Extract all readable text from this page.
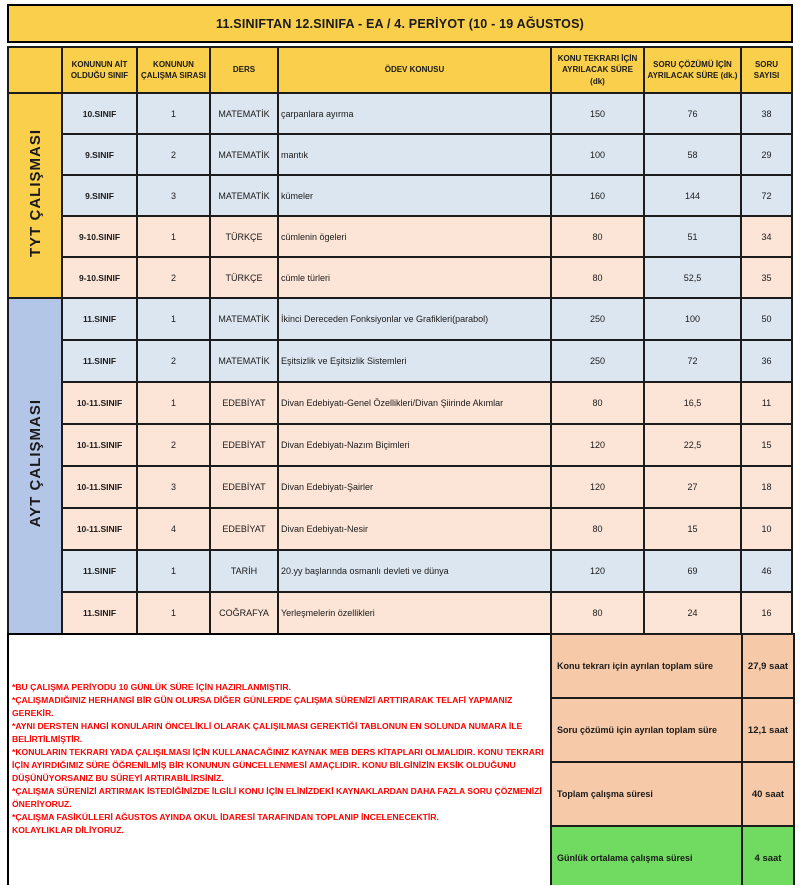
11.SINIFTAN 12.SINIFA - EA / 4. PERİYOT (10 - 19 AĞUSTOS)
	KONUNUN AİT OLDUĞU SINIF	KONUNUN ÇALIŞMA SIRASI	DERS	ÖDEV KONUSU	KONU TEKRARI İÇİN AYRILACAK SÜRE (dk)	SORU ÇÖZÜMÜ İÇİN AYRILACAK SÜRE (dk.)	SORU SAYISI
TYT ÇALIŞMASI	10.SINIF	1	MATEMATİK	çarpanlara ayırma	150	76	38
	9.SINIF	2	MATEMATİK	mantık	100	58	29
	9.SINIF	3	MATEMATİK	kümeler	160	144	72
	9-10.SINIF	1	TÜRKÇE	cümlenin ögeleri	80	51	34
	9-10.SINIF	2	TÜRKÇE	cümle türleri	80	52,5	35
AYT ÇALIŞMASI	11.SINIF	1	MATEMATİK	İkinci Dereceden Fonksiyonlar ve Grafikleri(parabol)	250	100	50
	11.SINIF	2	MATEMATİK	Eşitsizlik ve Eşitsizlik Sistemleri	250	72	36
	10-11.SINIF	1	EDEBİYAT	Divan Edebiyatı-Genel Özellikleri/Divan Şiirinde Akımlar	80	16,5	11
	10-11.SINIF	2	EDEBİYAT	Divan Edebiyatı-Nazım Biçimleri	120	22,5	15
	10-11.SINIF	3	EDEBİYAT	Divan Edebiyatı-Şairler	120	27	18
	10-11.SINIF	4	EDEBİYAT	Divan Edebiyatı-Nesir	80	15	10
	11.SINIF	1	TARİH	20.yy başlarında osmanlı devleti ve dünya	120	69	46
	11.SINIF	1	COĞRAFYA	Yerleşmelerin özellikleri	80	24	16
*BU ÇALIŞMA PERİYODU 10 GÜNLÜK SÜRE İÇİN HAZIRLANMIŞTIR.
*ÇALIŞMADIĞINIZ HERHANGİ BİR GÜN OLURSA DİĞER GÜNLERDE ÇALIŞMA SÜRENİZİ ARTTIRARAK TELAFİ YAPMANIZ GEREKİR.
*AYNI DERSTEN HANGİ KONULARIN ÖNCELİKLİ OLARAK ÇALIŞILMASI GEREKTİĞİ TABLONUN EN SOLUNDA NUMARA İLE BELİRTİLMİŞTİR.
*KONULARIN TEKRARI YADA ÇALIŞILMASI İÇİN KULLANACAĞINIZ KAYNAK MEB DERS KİTAPLARI OLMALIDIR. KONU TEKRARI İÇİN AYIRDIĞIMIZ SÜRE ÖĞRENİLMİŞ BİR KONUNUN GÜNCELLENMESİ AMAÇLIDIR. KONU BİLGİNİZİN EKSİK OLDUĞUNU DÜŞÜNÜYORSANIZ BU SÜREYİ ARTIRABİLİRSİNİZ.
*ÇALIŞMA SÜRENİZİ ARTIRMAK İSTEDİĞİNİZDE İLGİLİ KONU İÇİN ELİNİZDEKİ KAYNAKLARDAN DAHA FAZLA SORU ÇÖZMENİZİ ÖNERİYORUZ.
*ÇALIŞMA FASİKÜLLERİ AĞUSTOS AYINDA OKUL İDARESİ TARAFINDAN TOPLANIP İNCELENECEKTİR.
KOLAYLIKLAR DİLİYORUZ.
Konu tekrarı için ayrılan toplam süre	27,9 saat
Soru çözümü için ayrılan toplam süre	12,1 saat
Toplam çalışma süresi	40 saat
Günlük ortalama çalışma süresi	4 saat
